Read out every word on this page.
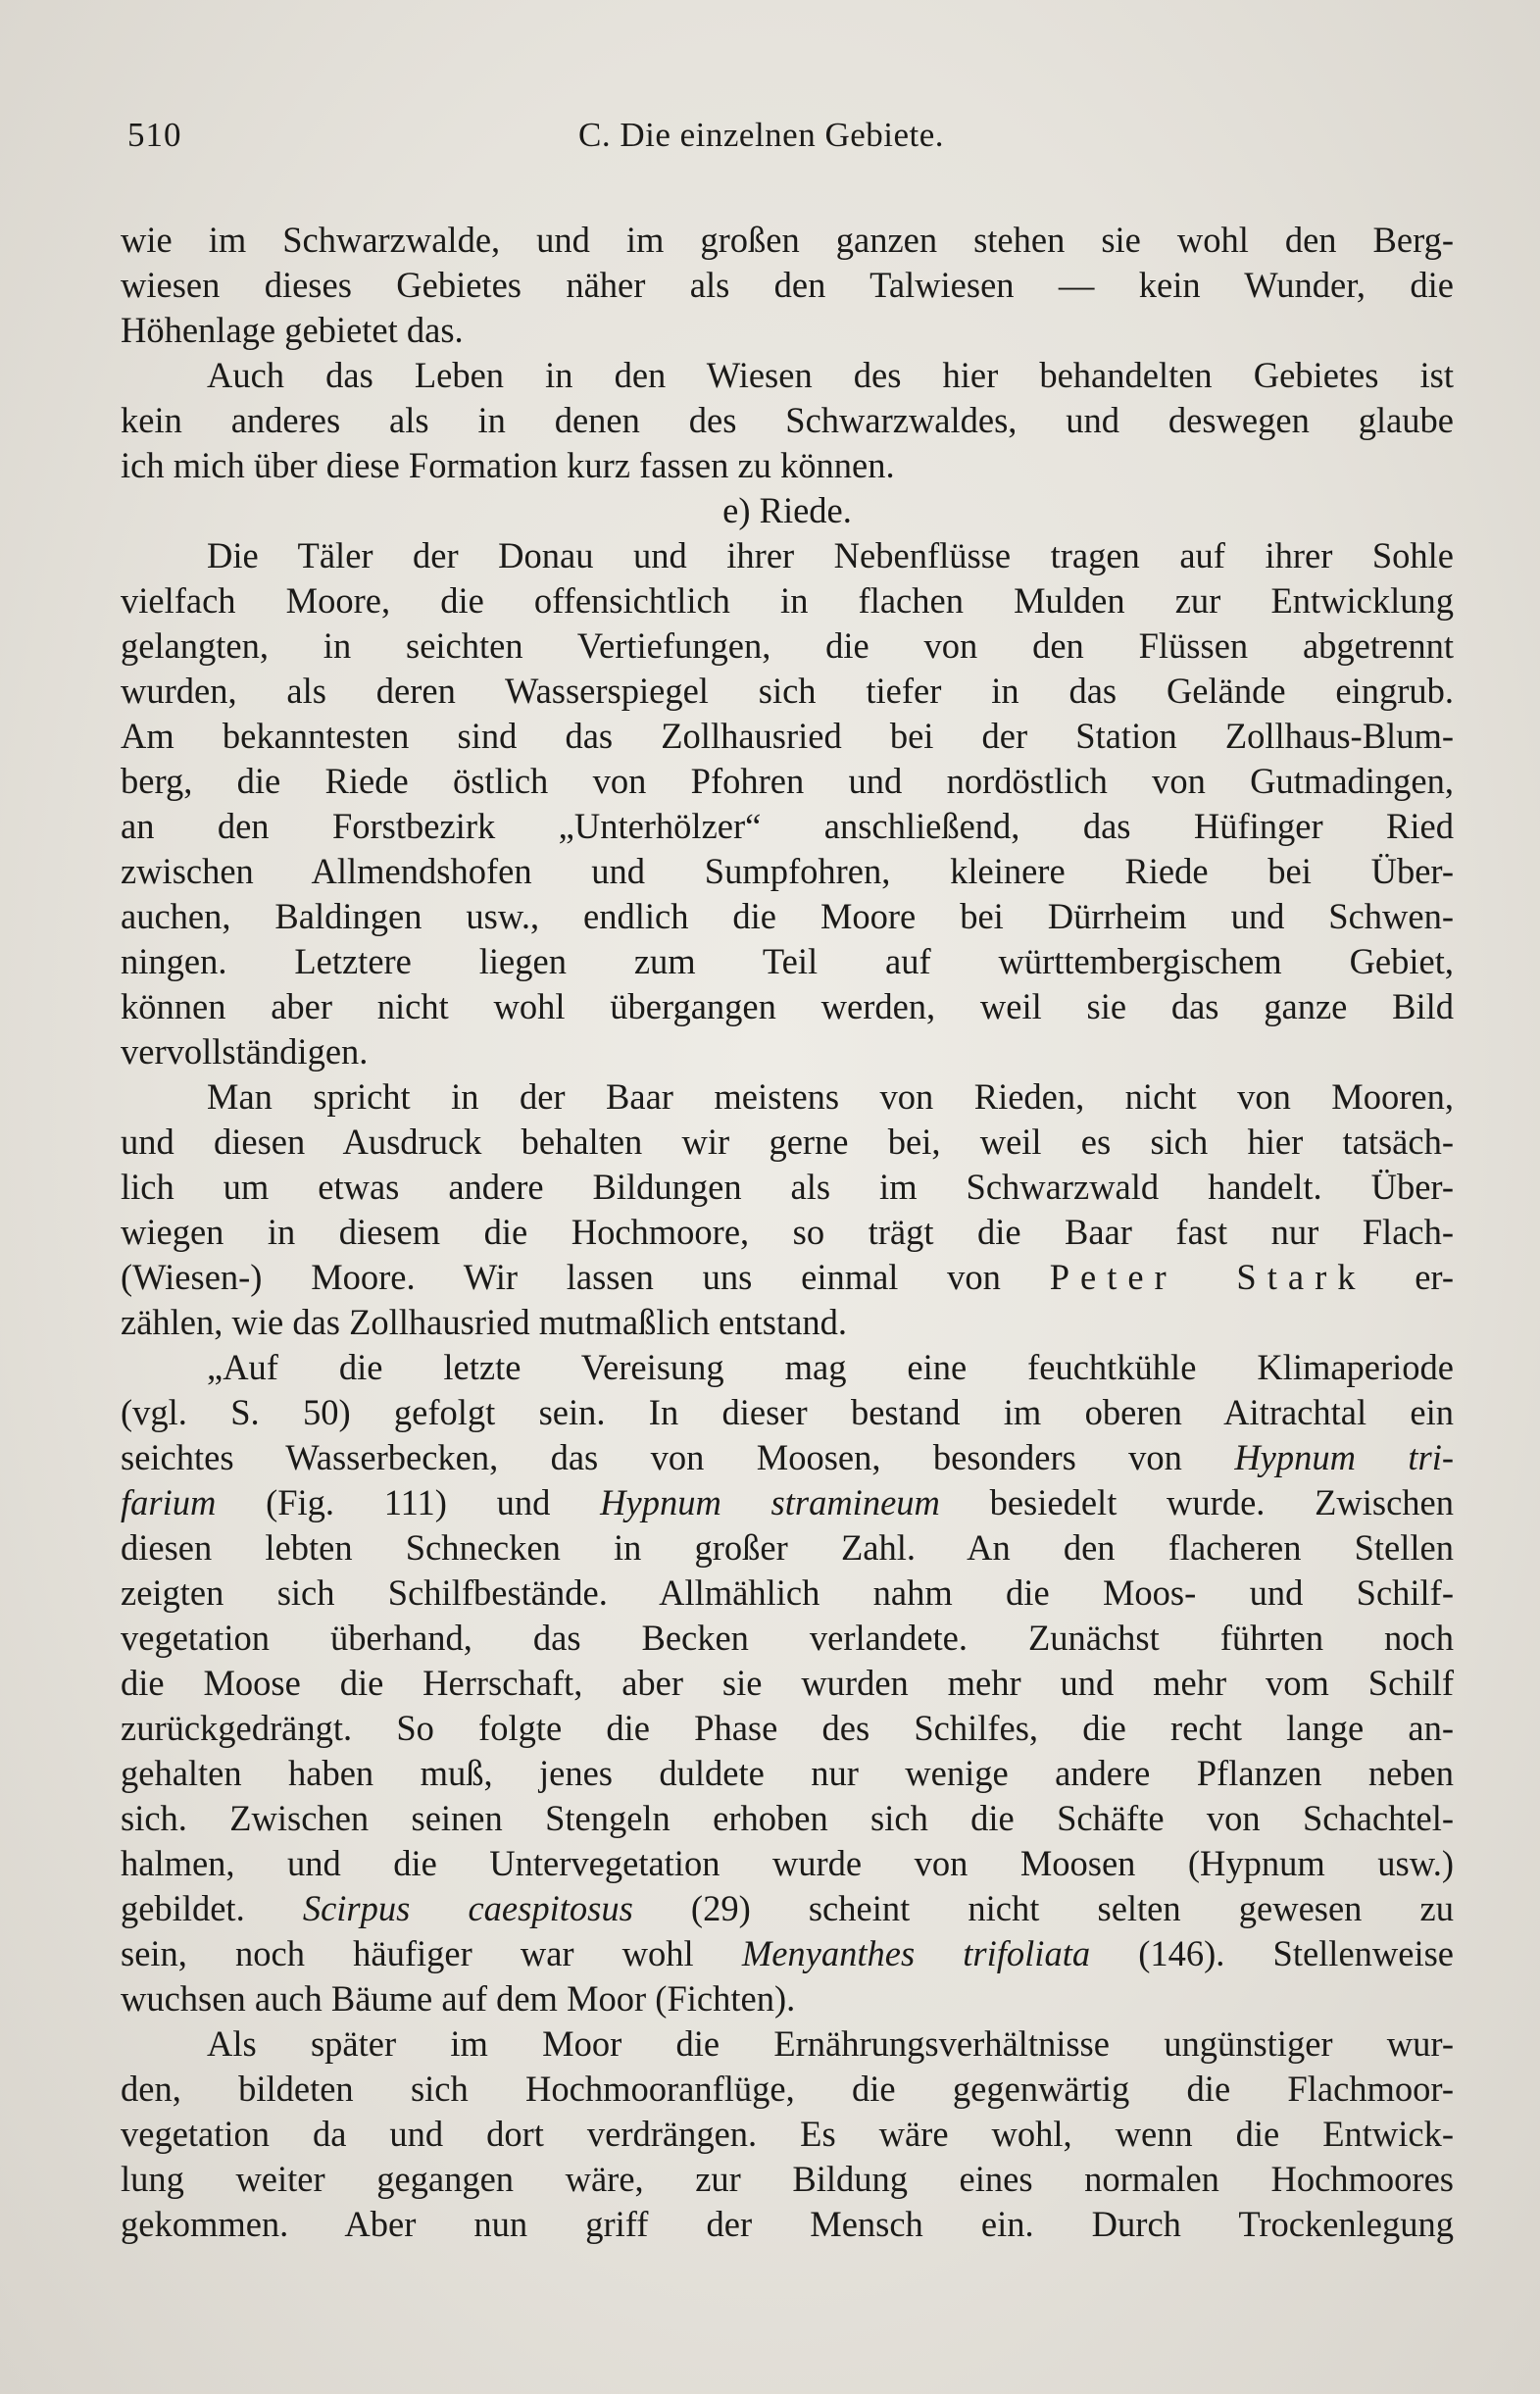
510	C. Die einzelnen Gebiete.
wie im Schwarzwalde, und im großen ganzen stehen sie wohl den Berg-
wiesen dieses Gebietes näher als den Talwiesen — kein Wunder, die
Höhenlage gebietet das.
Auch das Leben in den Wiesen des hier behandelten Gebietes ist
kein anderes als in denen des Schwarzwaldes, und deswegen glaube
ich mich über diese Formation kurz fassen zu können.
e) Riede.
Die Täler der Donau und ihrer Nebenflüsse tragen auf ihrer Sohle
vielfach Moore, die offensichtlich in flachen Mulden zur Entwicklung
gelangten, in seichten Vertiefungen, die von den Flüssen abgetrennt
wurden, als deren Wasserspiegel sich tiefer in das Gelände eingrub.
Am bekanntesten sind das Zollhausried bei der Station Zollhaus-Blum-
berg, die Riede östlich von Pfohren und nordöstlich von Gutmadingen,
an den Forstbezirk „Unterhölzer“ anschließend, das Hüfinger Ried
zwischen Allmendshofen und Sumpfohren, kleinere Riede bei Über-
auchen, Baldingen usw., endlich die Moore bei Dürrheim und Schwen-
ningen. Letztere liegen zum Teil auf württembergischem Gebiet,
können aber nicht wohl übergangen werden, weil sie das ganze Bild
vervollständigen.
Man spricht in der Baar meistens von Rieden, nicht von Mooren,
und diesen Ausdruck behalten wir gerne bei, weil es sich hier tatsäch-
lich um etwas andere Bildungen als im Schwarzwald handelt. Über-
wiegen in diesem die Hochmoore, so trägt die Baar fast nur Flach-
(Wiesen-) Moore. Wir lassen uns einmal von Peter Stark er-
zählen, wie das Zollhausried mutmaßlich entstand.
„Auf die letzte Vereisung mag eine feuchtkühle Klimaperiode
(vgl. S. 50) gefolgt sein. In dieser bestand im oberen Aitrachtal ein
seichtes Wasserbecken, das von Moosen, besonders von Hypnum tri-
farium (Fig. 111) und Hypnum stramineum besiedelt wurde. Zwischen
diesen lebten Schnecken in großer Zahl. An den flacheren Stellen
zeigten sich Schilfbestände. Allmählich nahm die Moos- und Schilf-
vegetation überhand, das Becken verlandete. Zunächst führten noch
die Moose die Herrschaft, aber sie wurden mehr und mehr vom Schilf
zurückgedrängt. So folgte die Phase des Schilfes, die recht lange an-
gehalten haben muß, jenes duldete nur wenige andere Pflanzen neben
sich. Zwischen seinen Stengeln erhoben sich die Schäfte von Schachtel-
halmen, und die Untervegetation wurde von Moosen (Hypnum usw.)
gebildet. Scirpus caespitosus (29) scheint nicht selten gewesen zu
sein, noch häufiger war wohl Menyanthes trifoliata (146). Stellenweise
wuchsen auch Bäume auf dem Moor (Fichten).
Als später im Moor die Ernährungsverhältnisse ungünstiger wur-
den, bildeten sich Hochmooranflüge, die gegenwärtig die Flachmoor-
vegetation da und dort verdrängen. Es wäre wohl, wenn die Entwick-
lung weiter gegangen wäre, zur Bildung eines normalen Hochmoores
gekommen. Aber nun griff der Mensch ein. Durch Trockenlegung
